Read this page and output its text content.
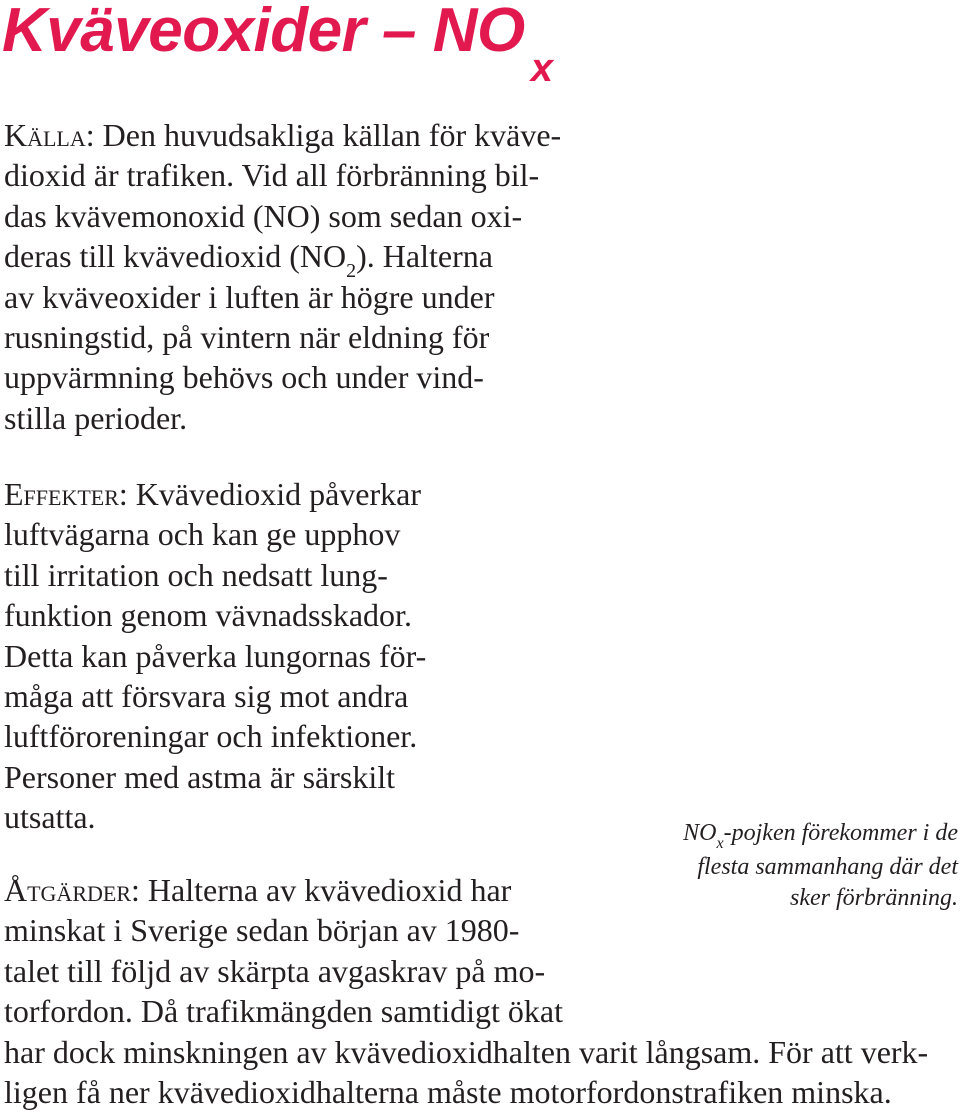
Kväveoxider – $NO_x$
Källa: Den huvudsakliga källan för kväve-
dioxid är trafiken. Vid all förbränning bil-
das kvävemonoxid (NO) som sedan oxi-
deras till kvävedioxid $(NO_2)$. Halterna
av kväveoxider i luften är högre under
rusningstid, på vintern när eldning för
uppvärmning behövs och under vind-
stilla perioder.
Effekter: Kvävedioxid påverkar
luftvägarna och kan ge upphov
till irritation och nedsatt lung-
funktion genom vävnadsskador.
Detta kan påverka lungornas för-
måga att försvara sig mot andra
luftföroreningar och infektioner.
Personer med astma är särskilt
utsatta.
Åtgärder: Halterna av kvävedioxid har
minskat i Sverige sedan början av 1980-
talet till följd av skärpta avgaskrav på mo-
torfordon. Då trafikmängden samtidigt ökat
har dock minskningen av kvävedioxidhalten varit långsam. För att verk-
ligen få ner kvävedioxidhalterna måste motorfordonstrafiken minska.
$NO_x$-pojken förekommer i de
flesta sammanhang där det
sker förbränning.
